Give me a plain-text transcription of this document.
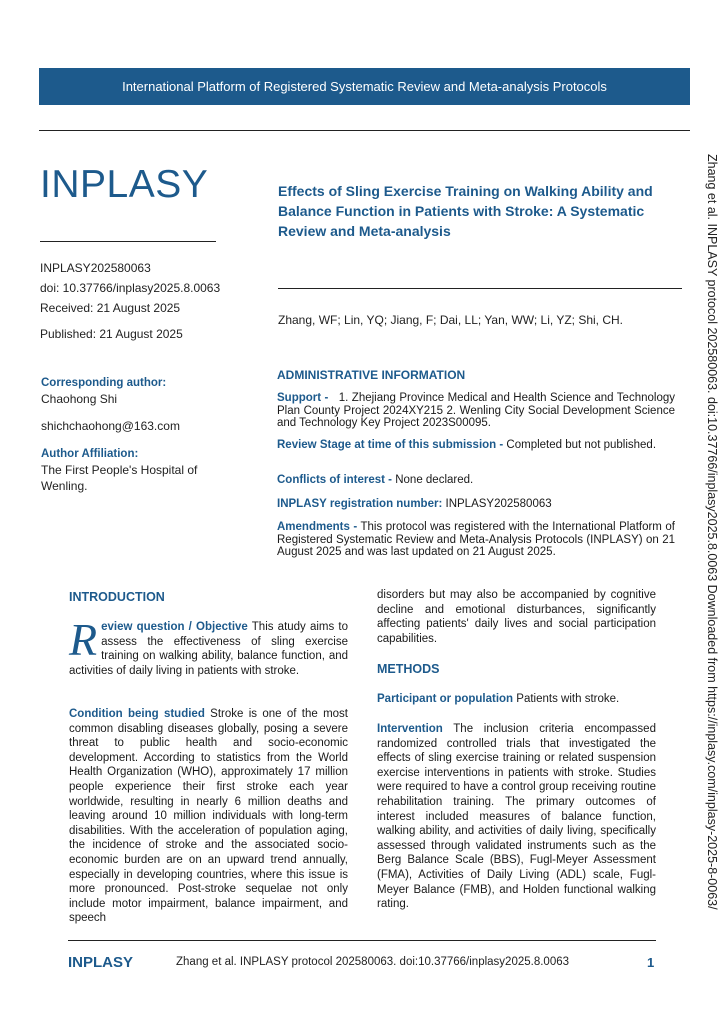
International Platform of Registered Systematic Review and Meta-analysis Protocols
INPLASY
INPLASY202580063
doi: 10.37766/inplasy2025.8.0063
Received: 21 August 2025
Published: 21 August 2025
Corresponding author:
Chaohong Shi
shichchaohong@163.com
Author Affiliation:
The First People's Hospital of Wenling.
Effects of Sling Exercise Training on Walking Ability and Balance Function in Patients with Stroke: A Systematic Review and Meta-analysis
Zhang, WF; Lin, YQ; Jiang, F; Dai, LL; Yan, WW; Li, YZ; Shi, CH.
ADMINISTRATIVE INFORMATION
Support - 1. Zhejiang Province Medical and Health Science and Technology Plan County Project 2024XY215 2. Wenling City Social Development Science and Technology Key Project 2023S00095.
Review Stage at time of this submission - Completed but not published.
Conflicts of interest - None declared.
INPLASY registration number: INPLASY202580063
Amendments - This protocol was registered with the International Platform of Registered Systematic Review and Meta-Analysis Protocols (INPLASY) on 21 August 2025 and was last updated on 21 August 2025.
INTRODUCTION
R eview question / Objective This atudy aims to assess the effectiveness of sling exercise training on walking ability, balance function, and activities of daily living in patients with stroke.
Condition being studied Stroke is one of the most common disabling diseases globally, posing a severe threat to public health and socio-economic development. According to statistics from the World Health Organization (WHO), approximately 17 million people experience their first stroke each year worldwide, resulting in nearly 6 million deaths and leaving around 10 million individuals with long-term disabilities. With the acceleration of population aging, the incidence of stroke and the associated socio-economic burden are on an upward trend annually, especially in developing countries, where this issue is more pronounced. Post-stroke sequelae not only include motor impairment, balance impairment, and speech
disorders but may also be accompanied by cognitive decline and emotional disturbances, significantly affecting patients' daily lives and social participation capabilities.
METHODS
Participant or population Patients with stroke.
Intervention The inclusion criteria encompassed randomized controlled trials that investigated the effects of sling exercise training or related suspension exercise interventions in patients with stroke. Studies were required to have a control group receiving routine rehabilitation training. The primary outcomes of interest included measures of balance function, walking ability, and activities of daily living, specifically assessed through validated instruments such as the Berg Balance Scale (BBS), Fugl-Meyer Assessment (FMA), Activities of Daily Living (ADL) scale, Fugl-Meyer Balance (FMB), and Holden functional walking rating.	Zhang et al. INPLASY protocol 202580063. doi:10.37766/inplasy2025.8.0063 Downloaded from https://inplasy.com/inplasy-2025-8-0063/
INPLASY	Zhang et al. INPLASY protocol 202580063. doi:10.37766/inplasy2025.8.0063	1
